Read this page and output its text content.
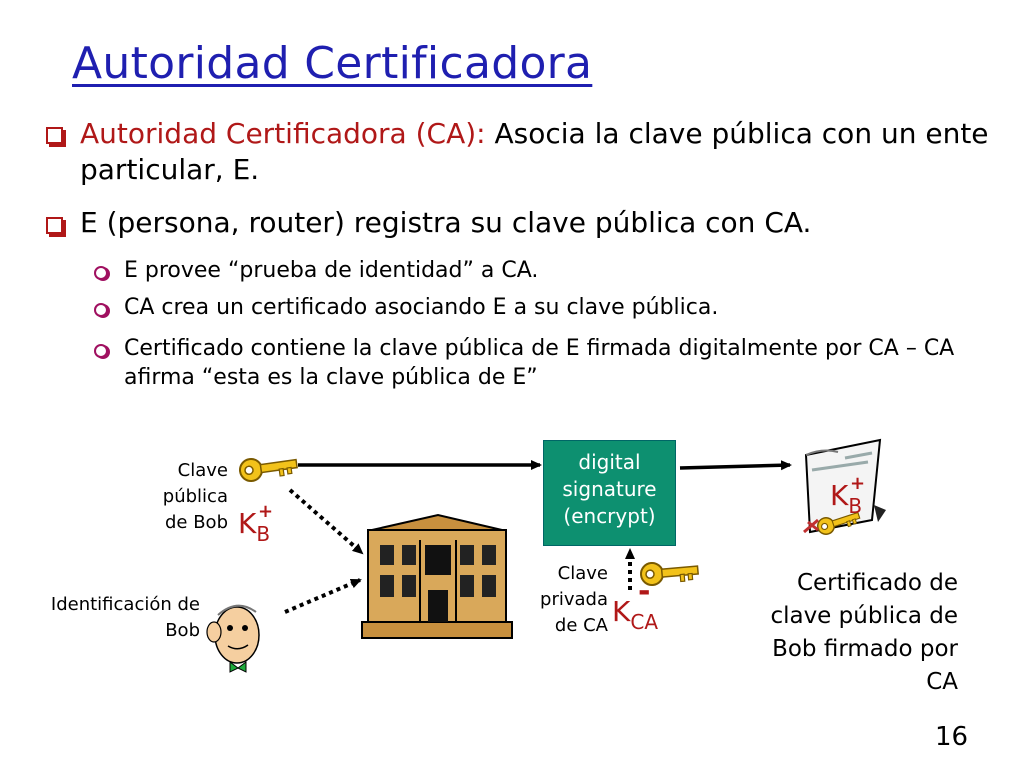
Autoridad Certificadora
Autoridad Certificadora (CA): Asocia la clave pública con un ente particular, E.
E (persona, router) registra su clave pública con CA.
E provee “prueba de identidad” a CA.
CA crea un certificado asociando E a su clave pública.
Certificado contiene la clave pública de E firmada digitalmente por CA – CA afirma “esta es la clave pública de E”
Clave pública de Bob $K_B$
+
Identificación de Bob
digital signature (encrypt)
Clave privada de CA $K_{CA}$
-
$K_B$
+
Certificado de clave pública de Bob firmado por CA
16
